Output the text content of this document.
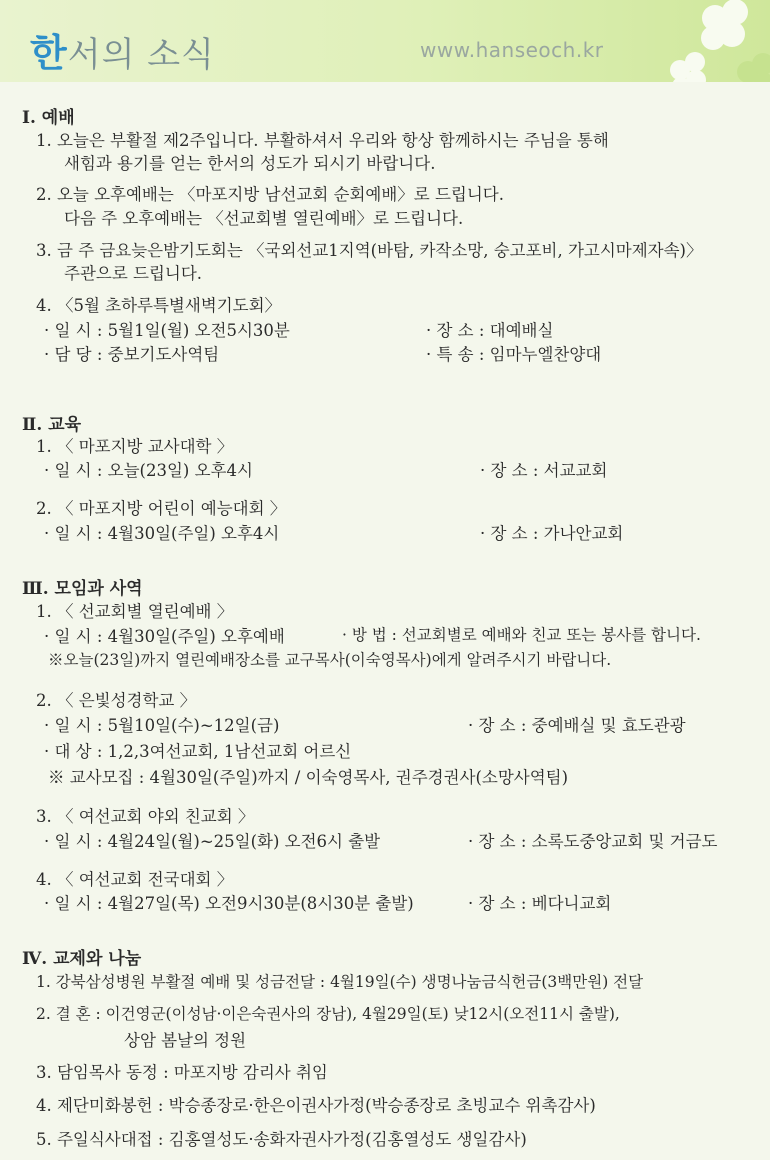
한서의 소식	www.hanseoch.kr
Ⅰ. 예배
1. 오늘은 부활절 제2주입니다. 부활하셔서 우리와 항상 함께하시는 주님을 통해
새힘과 용기를 얻는 한서의 성도가 되시기 바랍니다.
2. 오늘 오후예배는 〈마포지방 남선교회 순회예배〉로 드립니다.
다음 주 오후예배는 〈선교회별 열린예배〉로 드립니다.
3. 금 주 금요늦은밤기도회는 〈국외선교1지역(바탐, 카작소망, 숭고포비, 가고시마제자속)〉
주관으로 드립니다.
4. 〈5월 초하루특별새벽기도회〉
· 일 시 : 5월1일(월) 오전5시30분	· 장 소 : 대예배실
· 담 당 : 중보기도사역팀	· 특 송 : 임마누엘찬양대
Ⅱ. 교육
1. 〈 마포지방 교사대학 〉
· 일 시 : 오늘(23일) 오후4시	· 장 소 : 서교교회
2. 〈 마포지방 어린이 예능대회 〉
· 일 시 : 4월30일(주일) 오후4시	· 장 소 : 가나안교회
Ⅲ. 모임과 사역
1. 〈 선교회별 열린예배 〉
· 일 시 : 4월30일(주일) 오후예배	· 방 법 : 선교회별로 예배와 친교 또는 봉사를 합니다.
※오늘(23일)까지 열린예배장소를 교구목사(이숙영목사)에게 알려주시기 바랍니다.
2. 〈 은빛성경학교 〉
· 일 시 : 5월10일(수)~12일(금)	· 장 소 : 중예배실 및 효도관광
· 대 상 : 1,2,3여선교회, 1남선교회 어르신
※ 교사모집 : 4월30일(주일)까지 / 이숙영목사, 권주경권사(소망사역팀)
3. 〈 여선교회 야외 친교회 〉
· 일 시 : 4월24일(월)~25일(화) 오전6시 출발	· 장 소 : 소록도중앙교회 및 거금도
4. 〈 여선교회 전국대회 〉
· 일 시 : 4월27일(목) 오전9시30분(8시30분 출발)	· 장 소 : 베다니교회
Ⅳ. 교제와 나눔
1. 강북삼성병원 부활절 예배 및 성금전달 : 4월19일(수) 생명나눔금식헌금(3백만원) 전달
2. 결 혼 : 이건영군(이성남·이은숙권사의 장남), 4월29일(토) 낮12시(오전11시 출발),
상암 봄날의 정원
3. 담임목사 동정 : 마포지방 감리사 취임
4. 제단미화봉헌 : 박승종장로·한은이권사가정(박승종장로 초빙교수 위촉감사)
5. 주일식사대접 : 김홍열성도·송화자권사가정(김홍열성도 생일감사)
